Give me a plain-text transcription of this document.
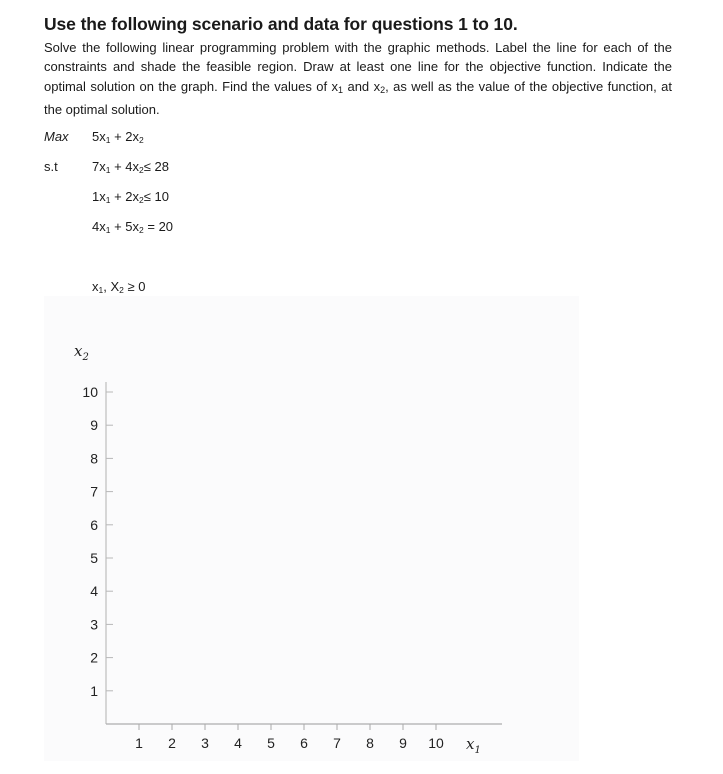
Use the following scenario and data for questions 1 to 10.
Solve the following linear programming problem with the graphic methods. Label the line for each of the constraints and shade the feasible region. Draw at least one line for the objective function. Indicate the optimal solution on the graph. Find the values of $x_1$ and $x_2$, as well as the value of the objective function, at the optimal solution.
Max
s.t
$5x_1 + 2x_2$
$7x_1 + 4x_2\le 28$
$1x_1 + 2x_2\le 10$
$4x_1 + 5x_2 = 20$
$x_1$, $X_2 \ge 0$
1 2 3 4 5 6 7 8 9 10
1
2
3
4
5
6
7
8
9
10
$x_1$
$x_2$
